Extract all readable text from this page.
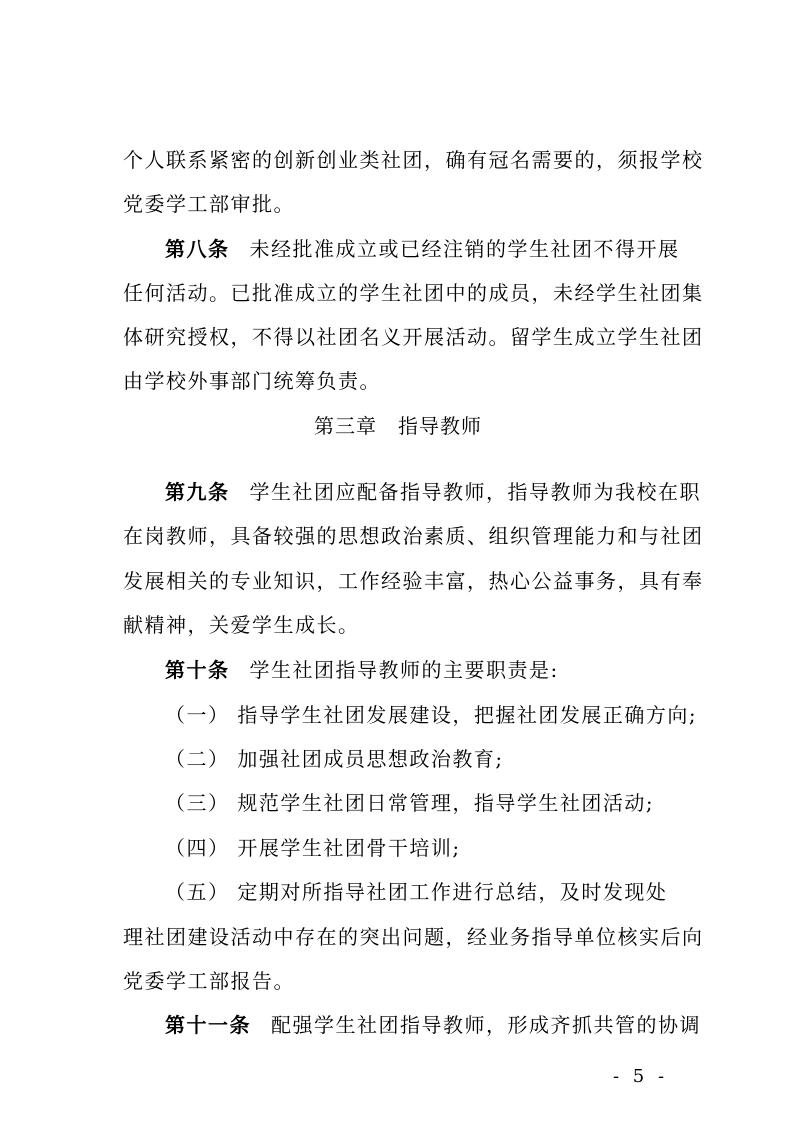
个人联系紧密的创新创业类社团，确有冠名需要的，须报学校
党委学工部审批。
第八条 未经批准成立或已经注销的学生社团不得开展
任何活动。已批准成立的学生社团中的成员，未经学生社团集
体研究授权，不得以社团名义开展活动。留学生成立学生社团
由学校外事部门统筹负责。
第三章　指导教师
第九条 学生社团应配备指导教师，指导教师为我校在职
在岗教师，具备较强的思想政治素质、组织管理能力和与社团
发展相关的专业知识，工作经验丰富，热心公益事务，具有奉
献精神，关爱学生成长。
第十条 学生社团指导教师的主要职责是:
（一） 指导学生社团发展建设，把握社团发展正确方向;
（二） 加强社团成员思想政治教育;
（三） 规范学生社团日常管理，指导学生社团活动;
（四） 开展学生社团骨干培训;
（五） 定期对所指导社团工作进行总结，及时发现处
理社团建设活动中存在的突出问题，经业务指导单位核实后向
党委学工部报告。
第十一条 配强学生社团指导教师，形成齐抓共管的协调
- 5 -
